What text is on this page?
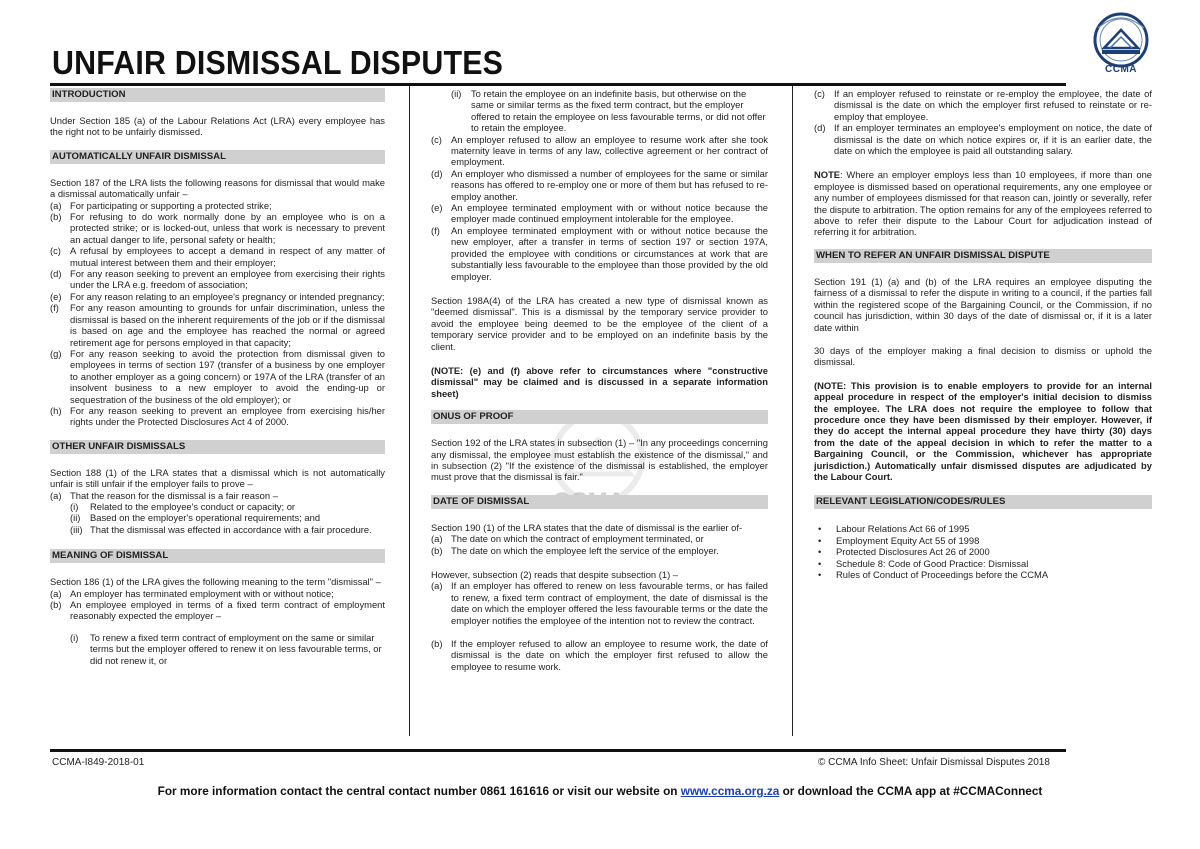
UNFAIR DISMISSAL DISPUTES	CCMA
INTRODUCTION

Under Section 185 (a) of the Labour Relations Act (LRA) every employee has the right not to be unfairly dismissed.

AUTOMATICALLY UNFAIR DISMISSAL

Section 187 of the LRA lists the following reasons for dismissal that would make a dismissal automatically unfair –

(a) For participating or supporting a protected strike;
(b) For refusing to do work normally done by an employee who is on a protected strike; or is locked-out, unless that work is necessary to prevent an actual danger to life, personal safety or health;
(c) A refusal by employees to accept a demand in respect of any matter of mutual interest between them and their employer;
(d) For any reason seeking to prevent an employee from exercising their rights under the LRA e.g. freedom of association;
(e) For any reason relating to an employee's pregnancy or intended pregnancy;
(f)	For any reason amounting to grounds for unfair discrimination, unless the dismissal is based on the inherent requirements of the job or if the dismissal is based on age and the employee has reached the normal or agreed retirement age for persons employed in that capacity;
(g) For any reason seeking to avoid the protection from dismissal given to employees in terms of section 197 (transfer of a business by one employer to another employer as a going concern) or 197A of the LRA (transfer of an insolvent business to a new employer to avoid the ending-up or sequestration of the business of the old employer); or
(h) For any reason seeking to prevent an employee from exercising his/her rights under the Protected Disclosures Act 4 of 2000.
OTHER UNFAIR DISMISSALS

Section 188 (1) of the LRA states that a dismissal which is not automatically unfair is still unfair if the employer fails to prove –

(a) That the reason for the dismissal is a fair reason –
(i)	Related to the employee's conduct or capacity; or
(ii)	Based on the employer's operational requirements; and
(iii) That the dismissal was effected in accordance with a fair procedure.
MEANING OF DISMISSAL

Section 186 (1) of the LRA gives the following meaning to the term "dismissal" –

(a) An employer has terminated employment with or without notice;
(b) An employee employed in terms of a fixed term contract of employment reasonably expected the employer –
(i)	To renew a fixed term contract of employment on the same or similar terms but the employer offered to renew it on less favourable terms, or did not renew it, or
(ii)	To retain the employee on an indefinite basis, but otherwise on the same or similar terms as the fixed term contract, but the employer offered to retain the employee on less favourable terms, or did not offer to retain the employee.
(c) An employer refused to allow an employee to resume work after she took maternity leave in terms of any law, collective agreement or her contract of employment.
(d) An employer who dismissed a number of employees for the same or similar reasons has offered to re-employ one or more of them but has refused to re-employ another.
(e) An employee terminated employment with or without notice because the employer made continued employment intolerable for the employee.
(f)	An employee terminated employment with or without notice because the new employer, after a transfer in terms of section 197 or section 197A, provided the employee with conditions or circumstances at work that are substantially less favourable to the employee than those provided by the old employer.

Section 198A(4) of the LRA has created a new type of dismissal known as "deemed dismissal". This is a dismissal by the temporary service provider to avoid the employee being deemed to be the employee of the client of a temporary service provider and to be employed on an indefinite basis by the client.

(NOTE: (e) and (f) above refer to circumstances where "constructive dismissal" may be claimed and is discussed in a separate information sheet)

ONUS OF PROOF

Section 192 of the LRA states in subsection (1) – "In any proceedings concerning any dismissal, the employee must establish the existence of the dismissal," and in subsection (2) "If the existence of the dismissal is established, the employer must prove that the dismissal is fair."

DATE OF DISMISSAL

Section 190 (1) of the LRA states that the date of dismissal is the earlier of-

(a) The date on which the contract of employment terminated, or
(b) The date on which the employee left the service of the employer.

However, subsection (2) reads that despite subsection (1) –

(a) If an employer has offered to renew on less favourable terms, or has failed to renew, a fixed term contract of employment, the date of dismissal is the date on which the employer offered the less favourable terms or the date the employer notifies the employee of the intention not to review the contract.
(b) If the employer refused to allow an employee to resume work, the date of dismissal is the date on which the employer first refused to allow the employee to resume work.
(c) If an employer refused to reinstate or re-employ the employee, the date of dismissal is the date on which the employer first refused to reinstate or re-employ that employee.
(d) If an employer terminates an employee's employment on notice, the date of dismissal is the date on which notice expires or, if it is an earlier date, the date on which the employee is paid all outstanding salary.

NOTE: Where an employer employs less than 10 employees, if more than one employee is dismissed based on operational requirements, any one employee or any number of employees dismissed for that reason can, jointly or severally, refer the dispute to arbitration. The option remains for any of the employees referred to above to refer their dispute to the Labour Court for adjudication instead of referring it for arbitration.

WHEN TO REFER AN UNFAIR DISMISSAL DISPUTE

Section 191 (1) (a) and (b) of the LRA requires an employee disputing the fairness of a dismissal to refer the dispute in writing to a council, if the parties fall within the registered scope of the Bargaining Council, or the Commission, if no council has jurisdiction, within 30 days of the date of dismissal or, if it is a later date within

30 days of the employer making a final decision to dismiss or uphold the dismissal.

(NOTE: This provision is to enable employers to provide for an internal appeal procedure in respect of the employer's initial decision to dismiss the employee. The LRA does not require the employee to follow that procedure once they have been dismissed by their employer. However, if they do accept the internal appeal procedure they have thirty (30) days from the date of the appeal decision in which to refer the matter to a Bargaining Council, or the Commission, whichever has appropriate jurisdiction.) Automatically unfair dismissed disputes are adjudicated by the Labour Court.

RELEVANT LEGISLATION/CODES/RULES
•	Labour Relations Act 66 of 1995
•	Employment Equity Act 55 of 1998
•	Protected Disclosures Act 26 of 2000
•	Schedule 8: Code of Good Practice: Dismissal
•	Rules of Conduct of Proceedings before the CCMA
CCMA-I849-2018-01	© CCMA Info Sheet: Unfair Dismissal Disputes 2018
For more information contact the central contact number 0861 161616 or visit our website on www.ccma.org.za or download the CCMA app at #CCMAConnect
